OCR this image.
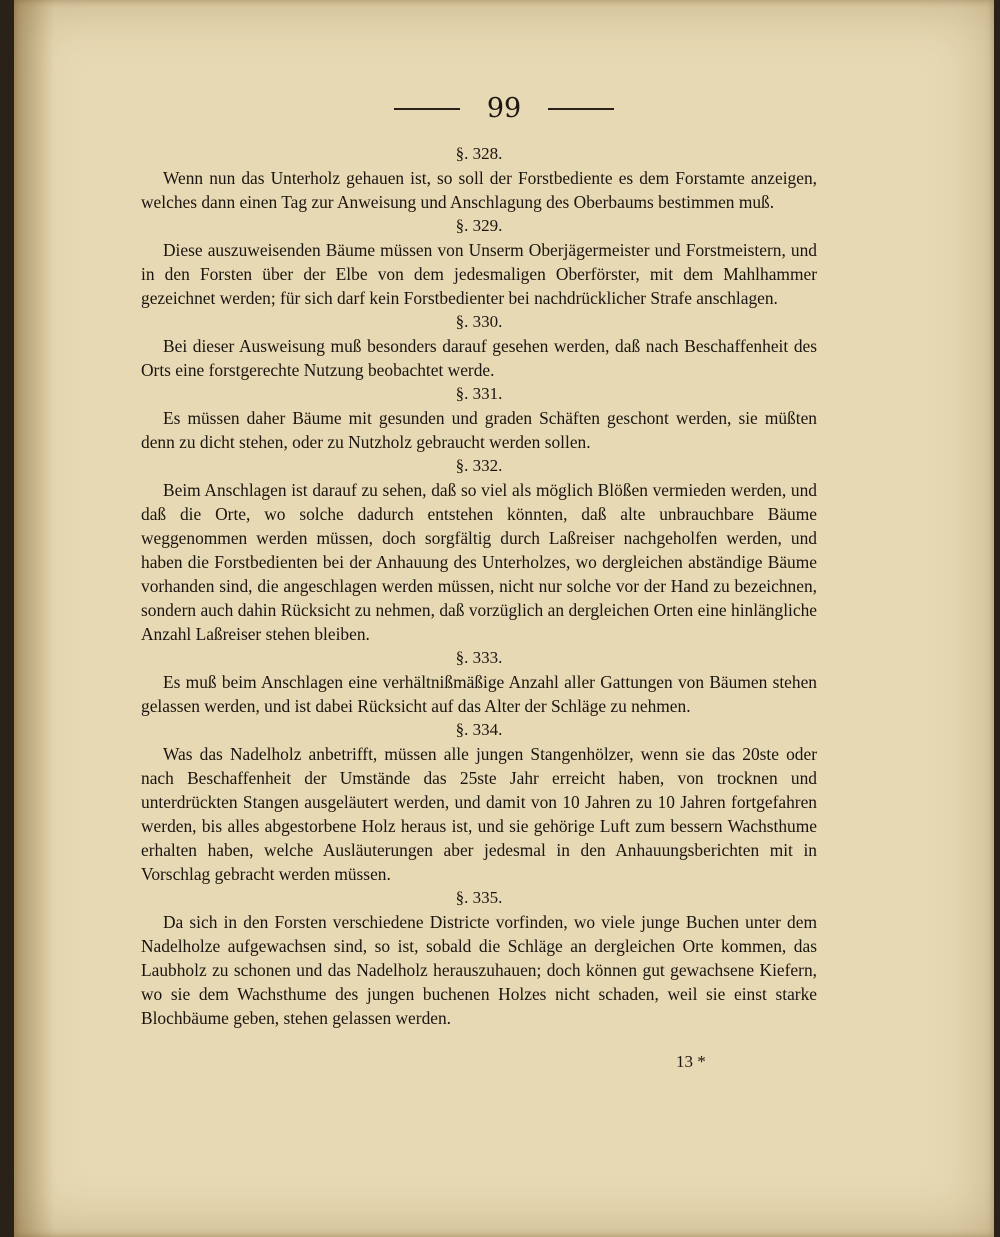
99

§. 328.

Wenn nun das Unterholz gehauen ist, so soll der Forstbediente es dem Forstamte anzeigen, welches dann einen Tag zur Anweisung und Anschlagung des Oberbaums bestimmen muß.

§. 329.

Diese auszuweisenden Bäume müssen von Unserm Oberjägermeister und Forstmeistern, und in den Forsten über der Elbe von dem jedesmaligen Oberförster, mit dem Mahlhammer gezeichnet werden; für sich darf kein Forstbedienter bei nachdrücklicher Strafe anschlagen.

§. 330.

Bei dieser Ausweisung muß besonders darauf gesehen werden, daß nach Beschaffenheit des Orts eine forstgerechte Nutzung beobachtet werde.

§. 331.

Es müssen daher Bäume mit gesunden und graden Schäften geschont werden, sie müßten denn zu dicht stehen, oder zu Nutzholz gebraucht werden sollen.

§. 332.

Beim Anschlagen ist darauf zu sehen, daß so viel als möglich Blößen vermieden werden, und daß die Orte, wo solche dadurch entstehen könnten, daß alte unbrauchbare Bäume weggenommen werden müssen, doch sorgfältig durch Laßreiser nachgeholfen werden, und haben die Forstbedienten bei der Anhauung des Unterholzes, wo dergleichen abständige Bäume vorhanden sind, die angeschlagen werden müssen, nicht nur solche vor der Hand zu bezeichnen, sondern auch dahin Rücksicht zu nehmen, daß vorzüglich an dergleichen Orten eine hinlängliche Anzahl Laßreiser stehen bleiben.

§. 333.

Es muß beim Anschlagen eine verhältnißmäßige Anzahl aller Gattungen von Bäumen stehen gelassen werden, und ist dabei Rücksicht auf das Alter der Schläge zu nehmen.

§. 334.

Was das Nadelholz anbetrifft, müssen alle jungen Stangenhölzer, wenn sie das 20ste oder nach Beschaffenheit der Umstände das 25ste Jahr erreicht haben, von trocknen und unterdrückten Stangen ausgeläutert werden, und damit von 10 Jahren zu 10 Jahren fortgefahren werden, bis alles abgestorbene Holz heraus ist, und sie gehörige Luft zum bessern Wachsthume erhalten haben, welche Ausläuterungen aber jedesmal in den Anhauungsberichten mit in Vorschlag gebracht werden müssen.

§. 335.

Da sich in den Forsten verschiedene Districte vorfinden, wo viele junge Buchen unter dem Nadelholze aufgewachsen sind, so ist, sobald die Schläge an dergleichen Orte kommen, das Laubholz zu schonen und das Nadelholz herauszuhauen; doch können gut gewachsene Kiefern, wo sie dem Wachsthume des jungen buchenen Holzes nicht schaden, weil sie einst starke Blochbäume geben, stehen gelassen werden.

13 *
